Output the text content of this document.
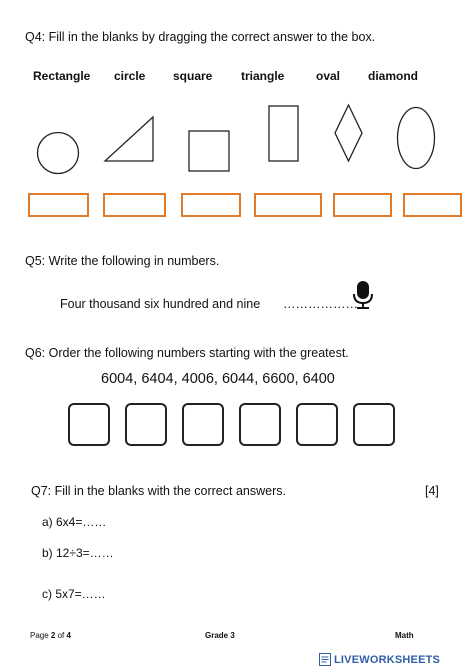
Q4: Fill in the blanks by dragging the correct answer to the box.
Rectangle circle square triangle	oval diamond
Q5: Write the following in numbers.
Four thousand six hundred and nine ………………
Q6: Order the following numbers starting with the greatest.
6004, 6404, 4006, 6044, 6600, 6400
Q7: Fill in the blanks with the correct answers.	[4]
a) 6x4=……
b) 12÷3=……
c) 5x7=……
Page 2 of 4	Grade 3	Math
LIVEWORKSHEETS
